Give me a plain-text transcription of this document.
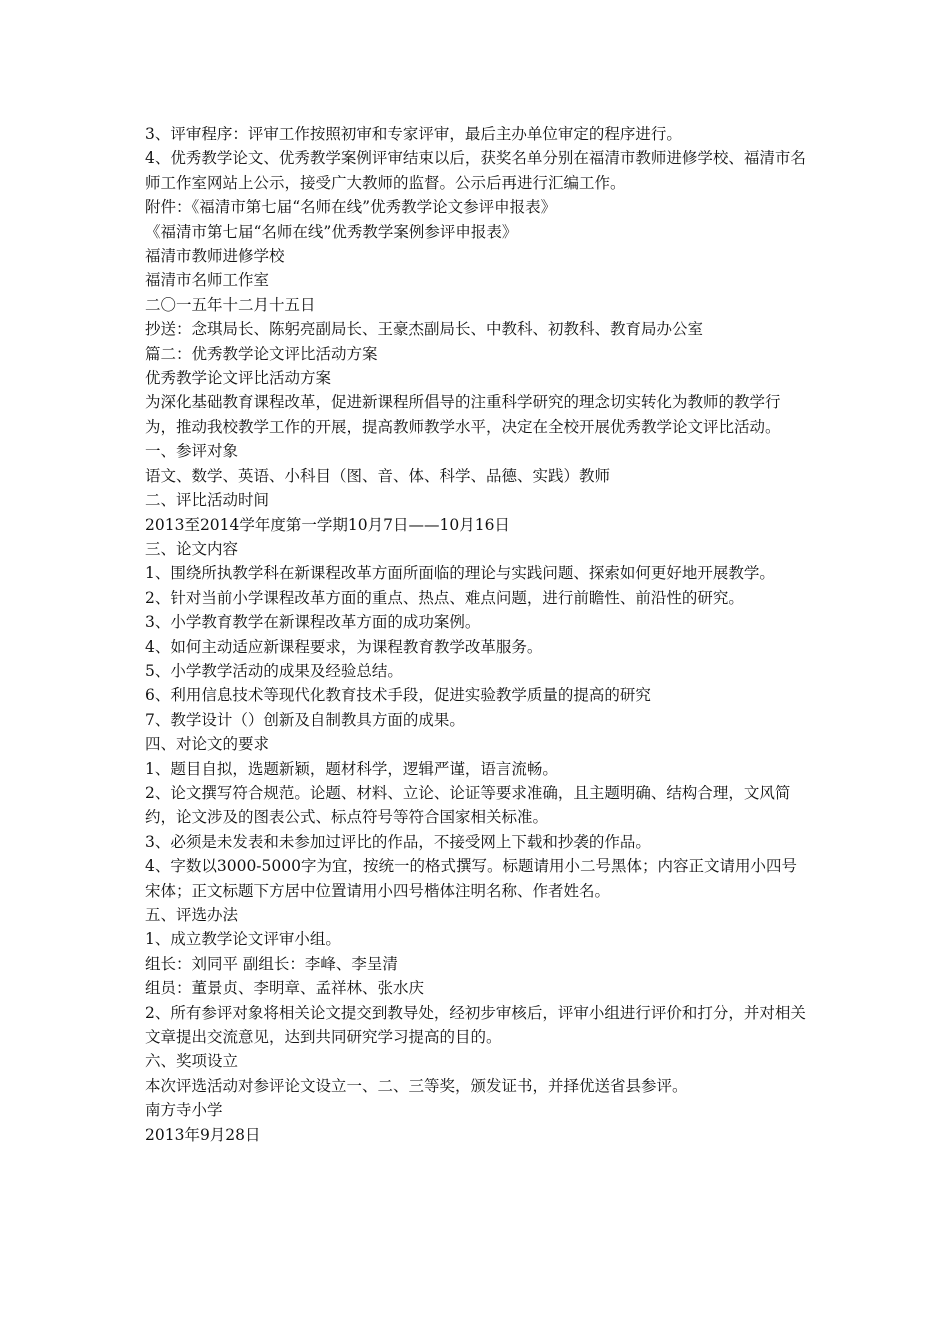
3、评审程序：评审工作按照初审和专家评审，最后主办单位审定的程序进行。

4、优秀教学论文、优秀教学案例评审结束以后，获奖名单分别在福清市教师进修学校、福清市名师工作室网站上公示，接受广大教师的监督。公示后再进行汇编工作。

附件：《福清市第七届“名师在线”优秀教学论文参评申报表》

《福清市第七届“名师在线”优秀教学案例参评申报表》

福清市教师进修学校

福清市名师工作室

二〇一五年十二月十五日

抄送：念琪局长、陈躬亮副局长、王豪杰副局长、中教科、初教科、教育局办公室

篇二：优秀教学论文评比活动方案

优秀教学论文评比活动方案

为深化基础教育课程改革，促进新课程所倡导的注重科学研究的理念切实转化为教师的教学行为，推动我校教学工作的开展，提高教师教学水平，决定在全校开展优秀教学论文评比活动。

一、参评对象

语文、数学、英语、小科目（图、音、体、科学、品德、实践）教师

二、评比活动时间

2013至2014学年度第一学期10月7日——10月16日

三、论文内容

1、围绕所执教学科在新课程改革方面所面临的理论与实践问题、探索如何更好地开展教学。

2、针对当前小学课程改革方面的重点、热点、难点问题，进行前瞻性、前沿性的研究。

3、小学教育教学在新课程改革方面的成功案例。

4、如何主动适应新课程要求，为课程教育教学改革服务。

5、小学教学活动的成果及经验总结。

6、利用信息技术等现代化教育技术手段，促进实验教学质量的提高的研究

7、教学设计（）创新及自制教具方面的成果。

四、对论文的要求

1、题目自拟，选题新颖，题材科学，逻辑严谨，语言流畅。

2、论文撰写符合规范。论题、材料、立论、论证等要求准确，且主题明确、结构合理，文风简约，论文涉及的图表公式、标点符号等符合国家相关标准。

3、必须是未发表和未参加过评比的作品，不接受网上下载和抄袭的作品。

4、字数以3000-5000字为宜，按统一的格式撰写。标题请用小二号黑体；内容正文请用小四号宋体；正文标题下方居中位置请用小四号楷体注明名称、作者姓名。

五、评选办法

1、成立教学论文评审小组。

组长：刘同平 副组长：李峰、李呈清

组员：董景贞、李明章、孟祥林、张水庆

2、所有参评对象将相关论文提交到教导处，经初步审核后，评审小组进行评价和打分，并对相关文章提出交流意见，达到共同研究学习提高的目的。

六、奖项设立

本次评选活动对参评论文设立一、二、三等奖，颁发证书，并择优送省县参评。

南方寺小学

2013年9月28日
